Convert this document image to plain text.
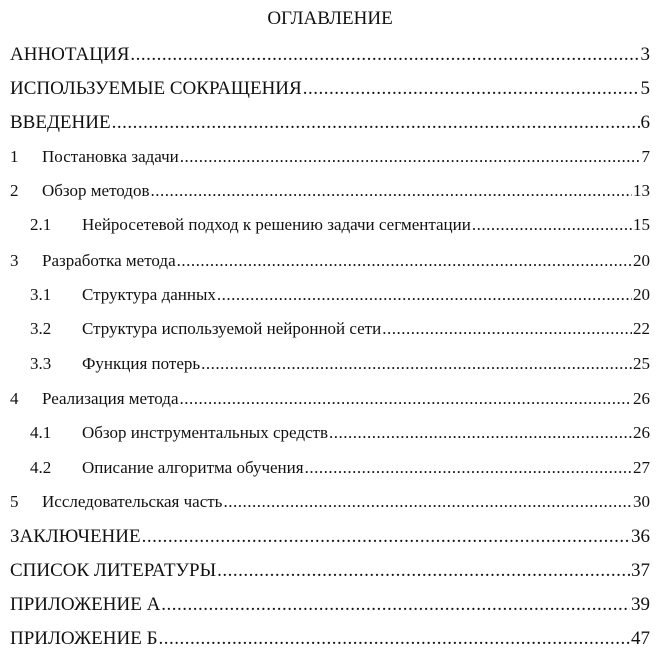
ОГЛАВЛЕНИЕ
АННОТАЦИЯ .....	3
ИСПОЛЬЗУЕМЫЕ СОКРАЩЕНИЯ .....	5
ВВЕДЕНИЕ .....	6
1	Постановка задачи .....	7
2	Обзор методов .....	13
2.1	Нейросетевой подход к решению задачи сегментации .....	15
3	Разработка метода .....	20
3.1	Структура данных .....	20
3.2	Структура используемой нейронной сети .....	22
3.3	Функция потерь .....	25
4	Реализация метода .....	26
4.1	Обзор инструментальных средств .....	26
4.2	Описание алгоритма обучения .....	27
5	Исследовательская часть .....	30
ЗАКЛЮЧЕНИЕ .....	36
СПИСОК ЛИТЕРАТУРЫ .....	37
ПРИЛОЖЕНИЕ А .....	39
ПРИЛОЖЕНИЕ Б .....	47
